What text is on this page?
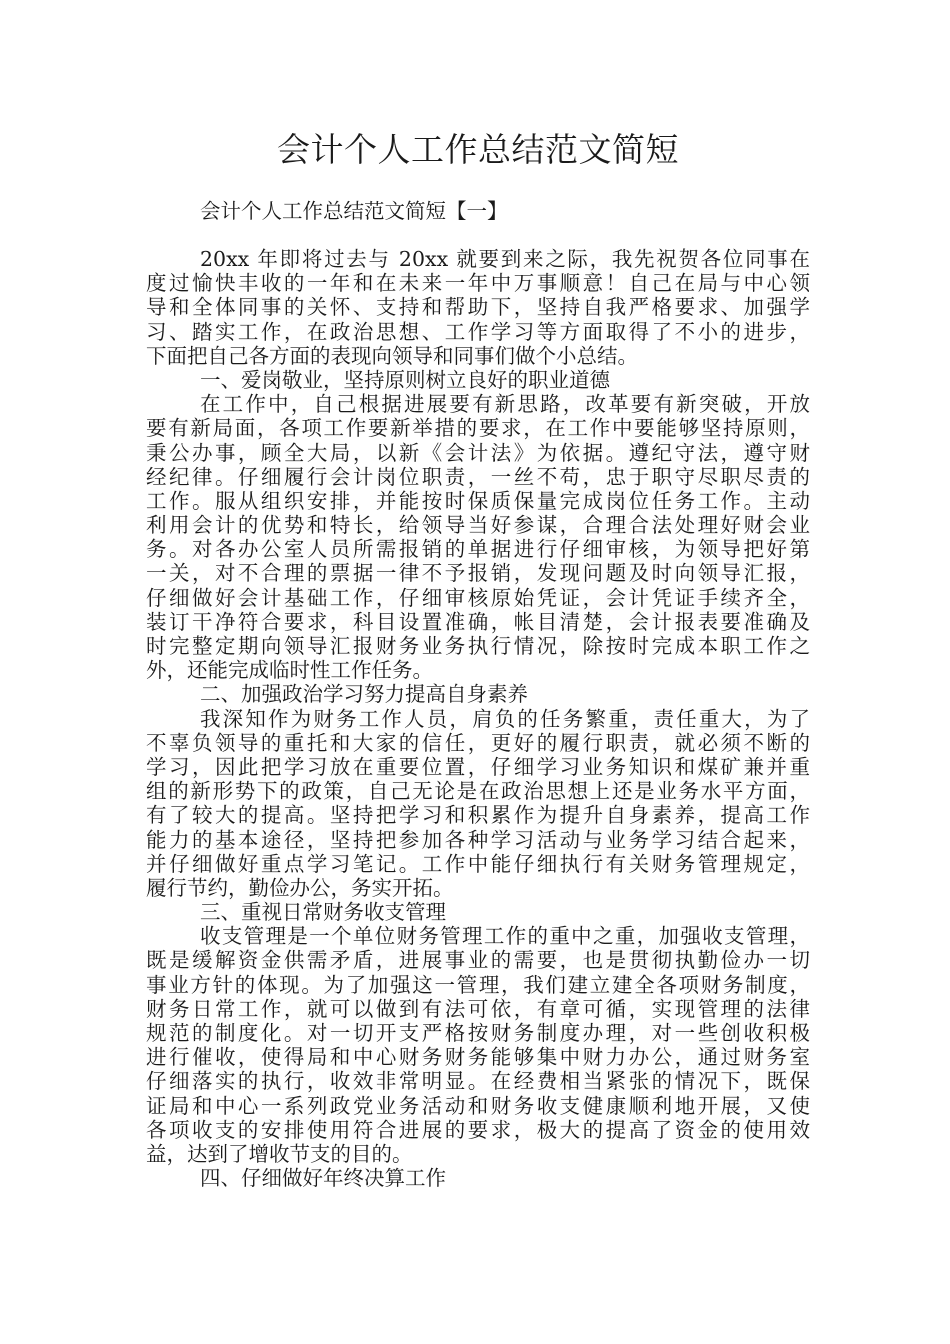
会计个人工作总结范文简短

会计个人工作总结范文简短【一】

20xx 年即将过去与 20xx 就要到来之际，我先祝贺各位同事在
度过愉快丰收的一年和在未来一年中万事顺意！自己在局与中心领
导和全体同事的关怀、支持和帮助下，坚持自我严格要求、加强学
习、踏实工作，在政治思想、工作学习等方面取得了不小的进步，
下面把自己各方面的表现向领导和同事们做个小总结。
一、爱岗敬业，坚持原则树立良好的职业道德
在工作中，自己根据进展要有新思路，改革要有新突破，开放
要有新局面，各项工作要新举措的要求，在工作中要能够坚持原则，
秉公办事，顾全大局，以新《会计法》为依据。遵纪守法，遵守财
经纪律。仔细履行会计岗位职责，一丝不苟，忠于职守尽职尽责的
工作。服从组织安排，并能按时保质保量完成岗位任务工作。主动
利用会计的优势和特长，给领导当好参谋，合理合法处理好财会业
务。对各办公室人员所需报销的单据进行仔细审核，为领导把好第
一关，对不合理的票据一律不予报销，发现问题及时向领导汇报，
仔细做好会计基础工作，仔细审核原始凭证，会计凭证手续齐全，
装订干净符合要求，科目设置准确，帐目清楚，会计报表要准确及
时完整定期向领导汇报财务业务执行情况，除按时完成本职工作之
外，还能完成临时性工作任务。
二、加强政治学习努力提高自身素养
我深知作为财务工作人员，肩负的任务繁重，责任重大，为了
不辜负领导的重托和大家的信任，更好的履行职责，就必须不断的
学习，因此把学习放在重要位置，仔细学习业务知识和煤矿兼并重
组的新形势下的政策，自己无论是在政治思想上还是业务水平方面，
有了较大的提高。坚持把学习和积累作为提升自身素养，提高工作
能力的基本途径，坚持把参加各种学习活动与业务学习结合起来，
并仔细做好重点学习笔记。工作中能仔细执行有关财务管理规定，
履行节约，勤俭办公，务实开拓。
三、重视日常财务收支管理
收支管理是一个单位财务管理工作的重中之重，加强收支管理，
既是缓解资金供需矛盾，进展事业的需要，也是贯彻执勤俭办一切
事业方针的体现。为了加强这一管理，我们建立建全各项财务制度，
财务日常工作，就可以做到有法可依，有章可循，实现管理的法律
规范的制度化。对一切开支严格按财务制度办理，对一些创收积极
进行催收，使得局和中心财务财务能够集中财力办公，通过财务室
仔细落实的执行，收效非常明显。在经费相当紧张的情况下，既保
证局和中心一系列政党业务活动和财务收支健康顺利地开展，又使
各项收支的安排使用符合进展的要求，极大的提高了资金的使用效
益，达到了增收节支的目的。
四、仔细做好年终决算工作
